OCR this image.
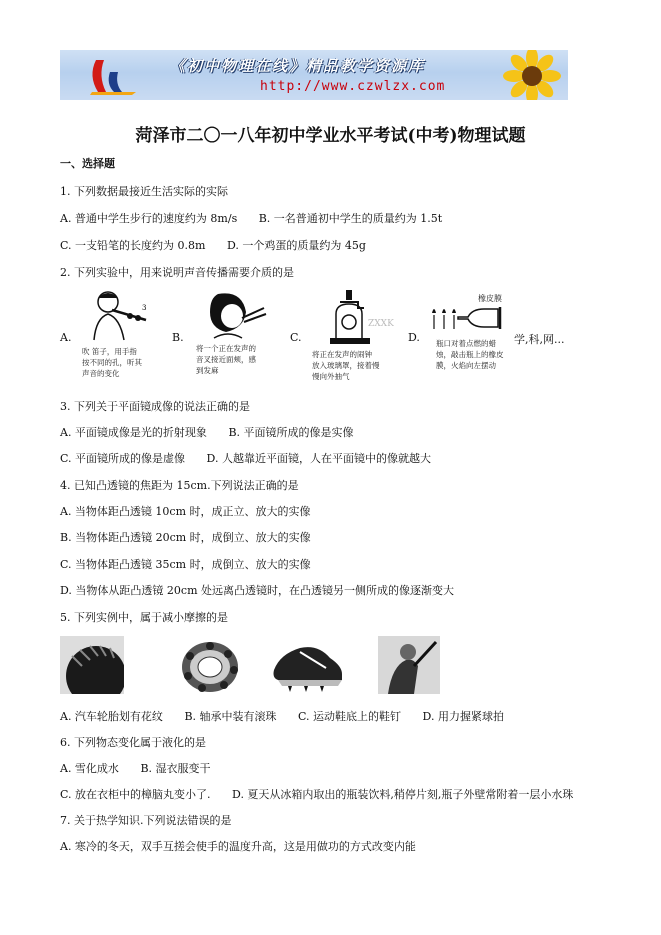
《初中物理在线》精品教学资源库
http://www.czwlzx.com
菏泽市二〇一八年初中学业水平考试(中考)物理试题
一、选择题
1. 下列数据最接近生活实际的实际
A. 普通中学生步行的速度约为 8m/s B. 一名普通初中学生的质量约为 1.5t
C. 一支铅笔的长度约为 0.8m D. 一个鸡蛋的质量约为 45g
2. 下列实验中，用来说明声音传播需要介质的是
A.
3
吹 笛子，用手指
按不同的孔，听其
声音的变化
B.
将一个正在发声的
音叉接近面颊，感
到发麻
C.
ZXXK
将正在发声的闹钟
放入玻璃罩，接着慢
慢向外抽气
D.
橡皮膜
瓶口对着点燃的蜡
烛，敲击瓶上的橡皮
膜，火焰向左摆动
学,科,网...
3. 下列关于平面镜成像的说法正确的是
A. 平面镜成像是光的折射现象 B. 平面镜所成的像是实像
C. 平面镜所成的像是虚像 D. 人越靠近平面镜，人在平面镜中的像就越大
4. 已知凸透镜的焦距为 15cm.下列说法正确的是
A. 当物体距凸透镜 10cm 时，成正立、放大的实像
B. 当物体距凸透镜 20cm 时，成倒立、放大的实像
C. 当物体距凸透镜 35cm 时，成倒立、放大的实像
D. 当物体从距凸透镜 20cm 处远离凸透镜时，在凸透镜另一侧所成的像逐渐变大
5. 下列实例中，属于减小摩擦的是
A. 汽车轮胎划有花纹 B. 轴承中装有滚珠 C. 运动鞋底上的鞋钉 D. 用力握紧球拍
6. 下列物态变化属于液化的是
A. 雪化成水 B. 湿衣服变干
C. 放在衣柜中的樟脑丸变小了. D. 夏天从冰箱内取出的瓶装饮料,稍停片刻,瓶子外壁常附着一层小水珠
7. 关于热学知识.下列说法错误的是
A. 寒冷的冬天，双手互搓会使手的温度升高，这是用做功的方式改变内能
